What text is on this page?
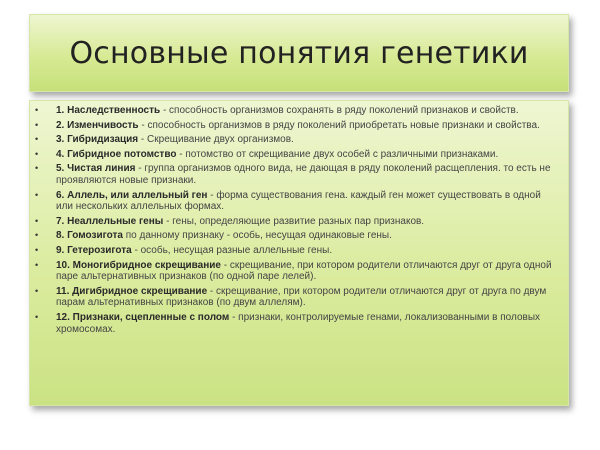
Основные понятия генетики
• 1. Наследственность - способность организмов сохранять в ряду поколений признаков и свойств.
• 2. Изменчивость - способность организмов в ряду поколений приобретать новые признаки и свойства.
• 3. Гибридизация - Скрещивание двух организмов.
• 4. Гибридное потомство - потомство от скрещивание двух особей с различными признаками.
• 5. Чистая линия - группа организмов одного вида, не дающая в ряду поколений расщепления. то есть не проявляются новые признаки.
• 6. Аллель, или аллельный ген - форма существования гена. каждый ген может существовать в одной или нескольких аллельных формах.
• 7. Неаллельные гены - гены, определяющие развитие разных пар признаков.
• 8. Гомозигота по данному признаку - особь, несущая одинаковые гены.
• 9. Гетерозигота - особь, несущая разные аллельные гены.
• 10. Моногибридное скрещивание - скрещивание, при котором родители отличаются друг от друга одной паре альтернативных признаков (по одной паре лелей).
• 11. Дигибридное скрещивание - скрещивание, при котором родители отличаются друг от друга по двум парам альтернативных признаков (по двум аллелям).
• 12. Признаки, сцепленные с полом - признаки, контролируемые генами, локализованными в половых хромосомах.
